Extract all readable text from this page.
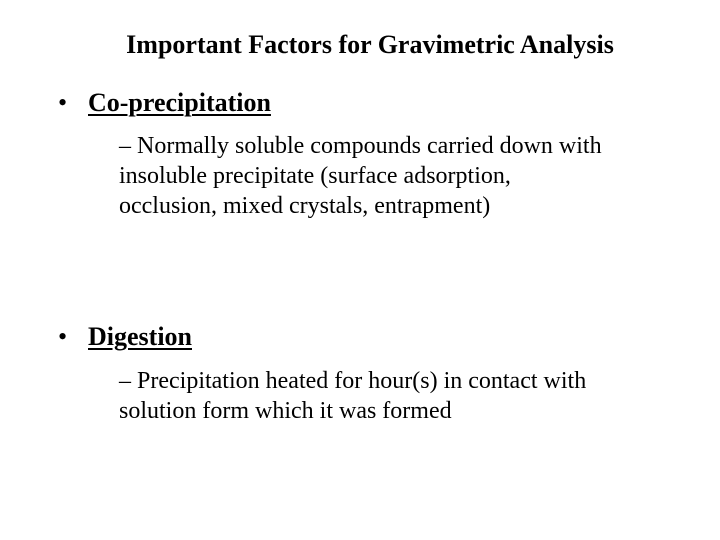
Important Factors for Gravimetric Analysis
• Co-precipitation
– Normally soluble compounds carried down with
insoluble precipitate (surface adsorption,
occlusion, mixed crystals, entrapment)
• Digestion
– Precipitation heated for hour(s) in contact with
solution form which it was formed
